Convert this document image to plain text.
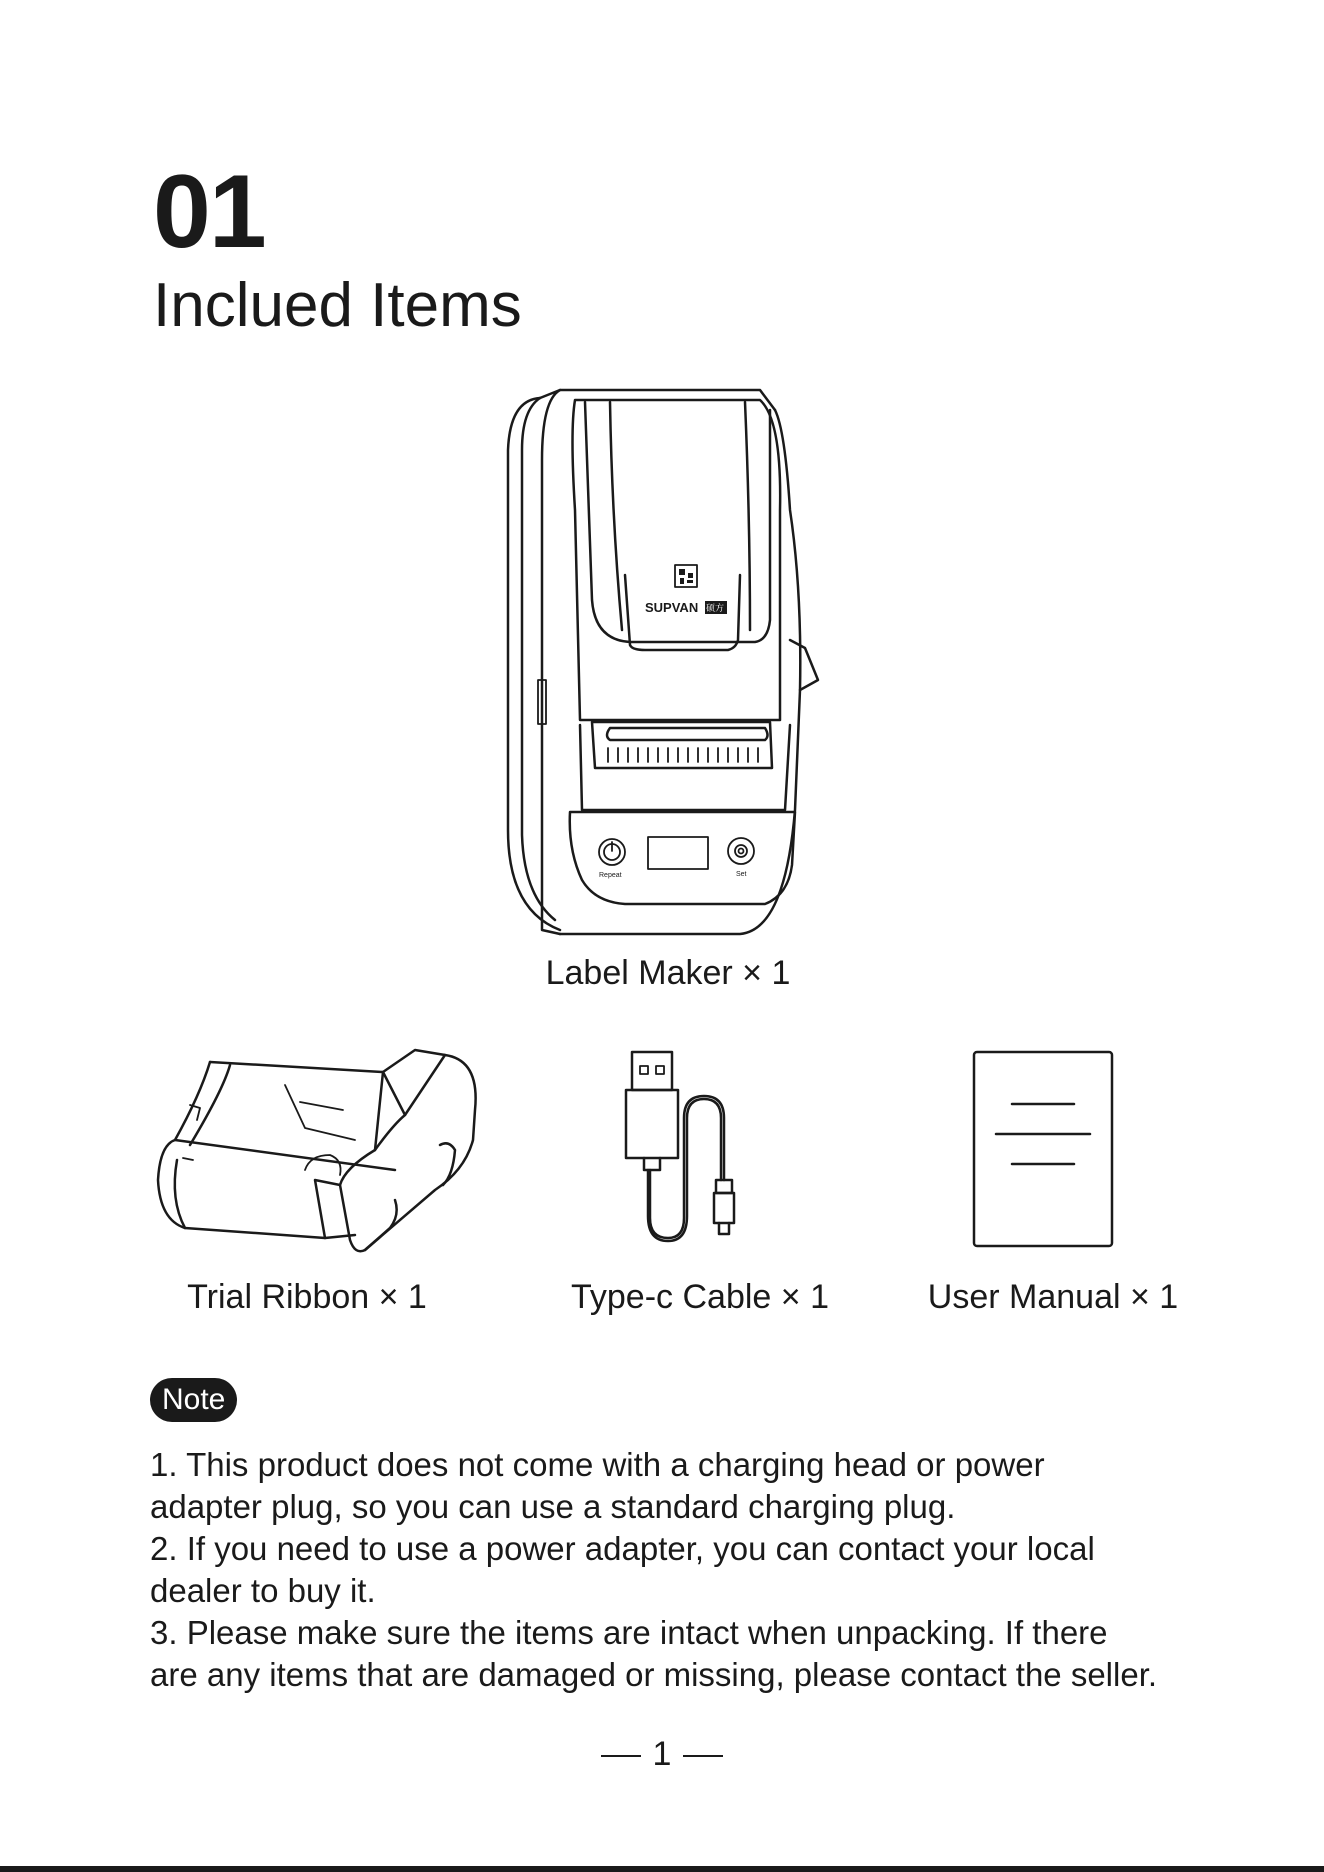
01
Inclued Items
SUPVAN 硕方
Repeat	Set
Label Maker × 1
Trial Ribbon × 1	Type-c Cable × 1	User Manual × 1
Note

1. This product does not come with a charging head or power

adapter plug, so you can use a standard charging plug.

2. If you need to use a power adapter, you can contact your local

dealer to buy it.

3. Please make sure the items are intact when unpacking. If there

are any items that are damaged or missing, please contact the seller.

1
